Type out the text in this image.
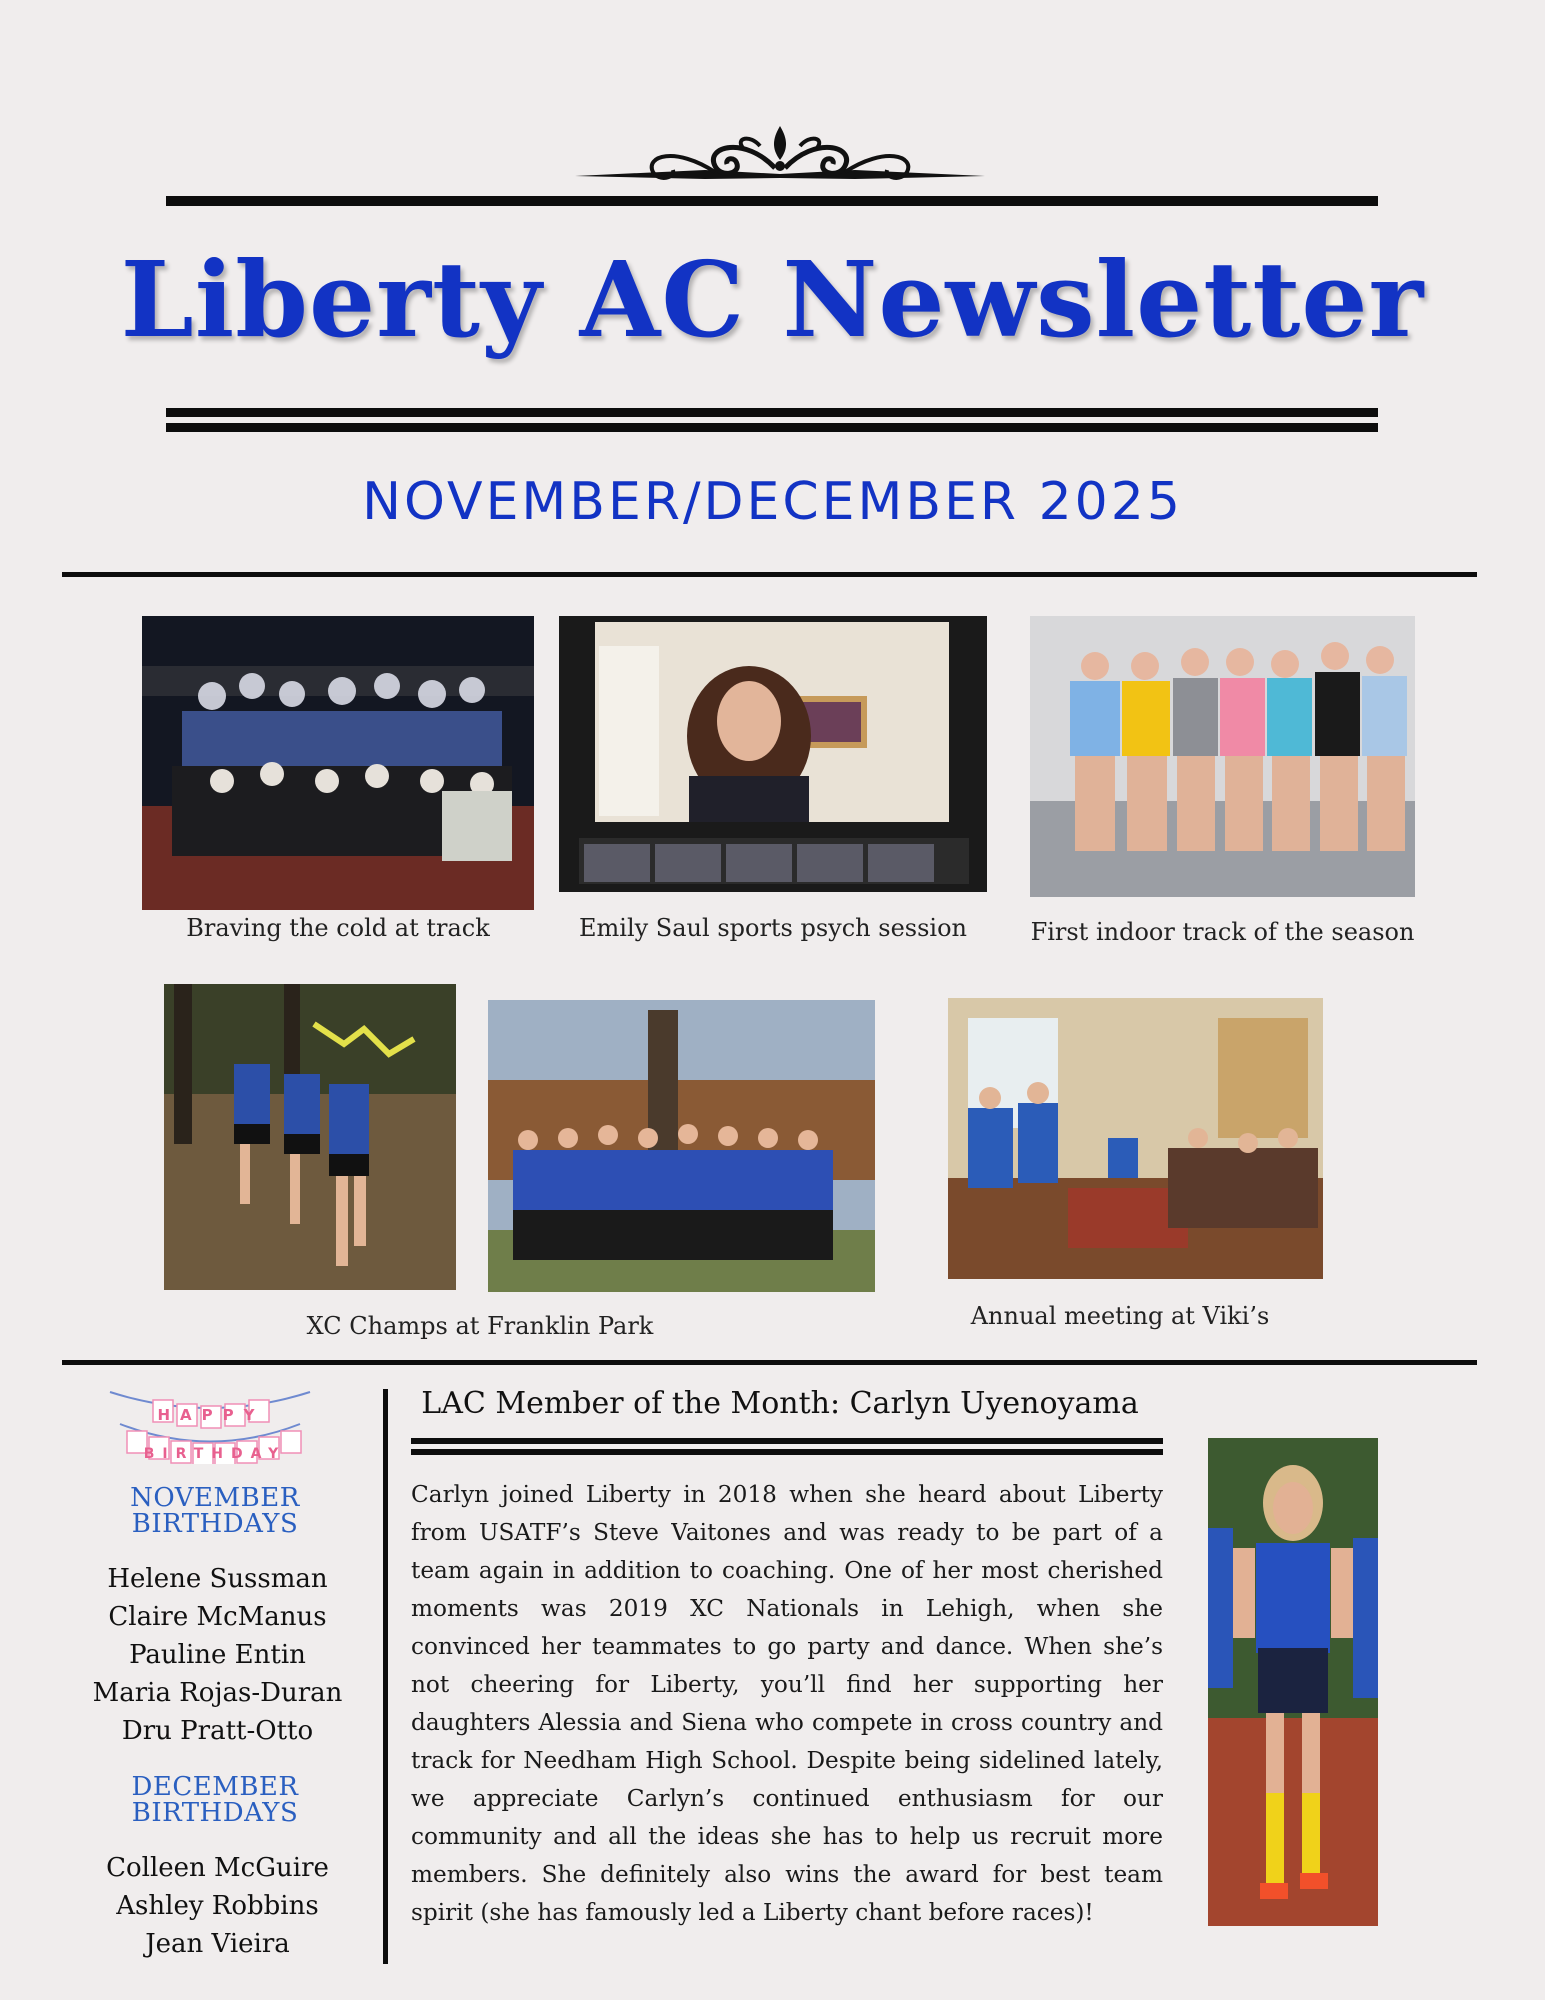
Liberty AC Newsletter
NOVEMBER/DECEMBER 2025
Braving the cold at track	Emily Saul sports psych session	First indoor track of the season
XC Champs at Franklin Park	Annual meeting at Viki’s
HAPPY
BIRTHDAY
NOVEMBER
BIRTHDAYS
Helene Sussman
Claire McManus
Pauline Entin
Maria Rojas-Duran
Dru Pratt-Otto
DECEMBER
BIRTHDAYS
Colleen McGuire
Ashley Robbins
Jean Vieira
LAC Member of the Month: Carlyn Uyenoyama
Carlyn joined Liberty in 2018 when she heard about Liberty from USATF’s Steve Vaitones and was ready to be part of a team again in addition to coaching. One of her most cherished moments was 2019 XC Nationals in Lehigh, when she convinced her teammates to go party and dance. When she’s not cheering for Liberty, you’ll find her supporting her daughters Alessia and Siena who compete in cross country and track for Needham High School. Despite being sidelined lately, we appreciate Carlyn’s continued enthusiasm for our community and all the ideas she has to help us recruit more members. She definitely also wins the award for best team spirit (she has famously led a Liberty chant before races)!
